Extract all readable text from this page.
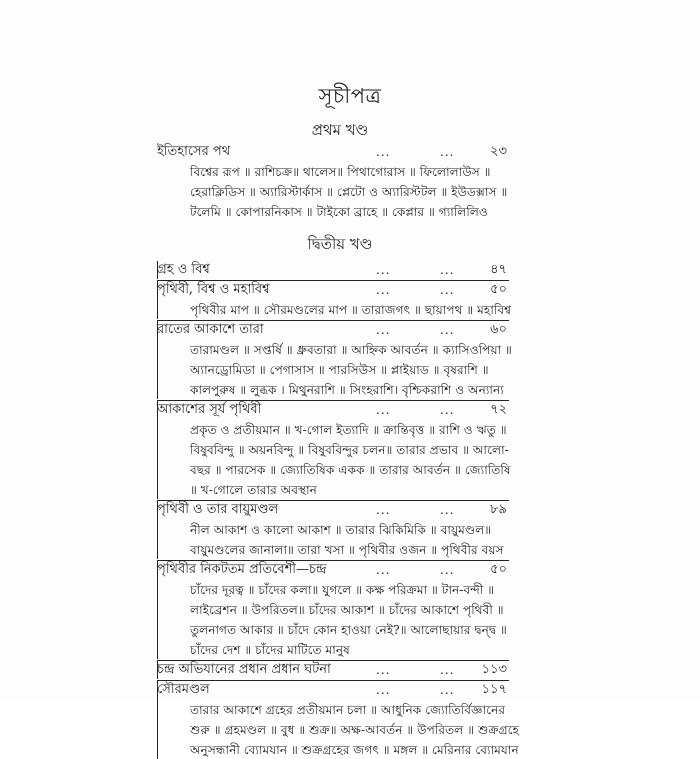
সূচীপত্র
প্রথম খণ্ড
ইতিহাসের পথ	...	...	২৩
বিশ্বের রূপ ॥ রাশিচক্র॥ থালেস॥ পিথাগোরাস ॥ ফিলোলাউস ॥
হেরাক্লিডিস ॥ অ্যারিস্টার্কাস ॥ প্লেটো ও অ্যারিস্টটল ॥ ইউডক্সাস ॥
টলেমি ॥ কোপারনিকাস ॥ টাইকো ব্রাহে ॥ কেপ্লার ॥ গ্যালিলিও
দ্বিতীয় খণ্ড
গ্রহ ও বিশ্ব	...	...	৪৭
পৃথিবী, বিশ্ব ও মহাবিশ্ব	...	...	৫০
পৃথিবীর মাপ ॥ সৌরমণ্ডলের মাপ ॥ তারাজগৎ ॥ ছায়াপথ ॥ মহাবিশ্ব
রাতের আকাশে তারা	...	...	৬০
তারামণ্ডল ॥ সপ্তর্ষি ॥ ধ্রুবতারা ॥ আহ্নিক আবর্তন ॥ ক্যাসিওপিয়া ॥
অ্যানড্রোমিডা ॥ পেগাসাস ॥ পারসিউস ॥ প্লাইয়াড ॥ বৃষরাশি ॥
কালপুরুষ ॥ লুব্ধক । মিথুনরাশি ॥ সিংহরাশি। বৃশ্চিকরাশি ও অন্যান্য
আকাশের সূর্য পৃথিবী	...	...	৭২
প্রকৃত ও প্রতীয়মান ॥ খ-গোল ইত্যাদি ॥ ক্রান্তিবৃত্ত ॥ রাশি ও ঋতু ॥
বিষুববিন্দু ॥ অয়নবিন্দু ॥ বিষুববিন্দুর চলন॥ তারার প্রভাব ॥ আলো-
বছর ॥ পারসেক ॥ জ্যোতিষিক একক ॥ তারার আবর্তন ॥ জ্যোতিষি
॥ খ-গোলে তারার অবস্থান
পৃথিবী ও তার বায়ুমণ্ডল	...	...	৮৯
নীল আকাশ ও কালো আকাশ ॥ তারার ঝিকিমিকি ॥ বায়ুমণ্ডল॥
বায়ুমণ্ডলের জানালা॥ তারা খসা ॥ পৃথিবীর ওজন ॥ পৃথিবীর বয়স
পৃথিবীর নিকটতম প্রতিবেশী—চন্দ্র	...	...	৫০
চাঁদের দূরত্ব ॥ চাঁদের কলা॥ যুগলে ॥ কক্ষ পরিক্রমা ॥ টান-বন্দী ॥
লাইব্রেশন ॥ উপরিতল॥ চাঁদের আকাশ ॥ চাঁদের আকাশে পৃথিবী ॥
তুলনাগত আকার ॥ চাঁদে কোন হাওয়া নেই?॥ আলোছায়ার দ্বন্দ্ব ॥
চাঁদের দেশ ॥ চাঁদের মাটিতে মানুষ
চন্দ্র অভিযানের প্রধান প্রধান ঘটনা	...	... ১১৩
সৌরমণ্ডল	...	... ১১৭
তারার আকাশে গ্রহের প্রতীয়মান চলা ॥ আধুনিক জ্যোতির্বিজ্ঞানের
শুরু ॥ গ্রহমণ্ডল ॥ বুধ ॥ শুক্র॥ অক্ষ-আবর্তন ॥ উপরিতল ॥ শুক্রগ্রহে
অনুসন্ধানী ব্যোমযান ॥ শুক্রগ্রহের জগৎ ॥ মঙ্গল ॥ মেরিনার ব্যোমযান
